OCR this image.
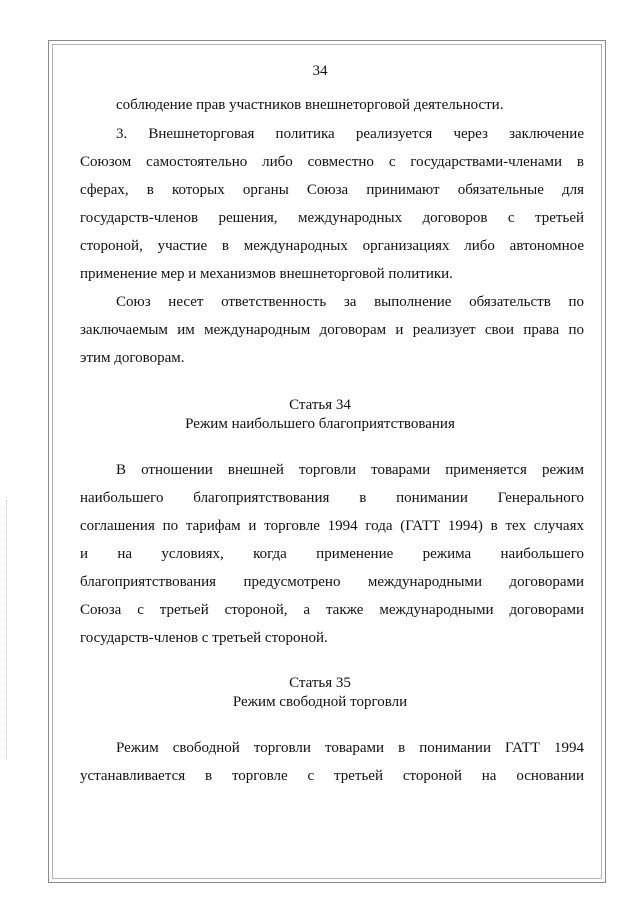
34
соблюдение прав участников внешнеторговой деятельности.
3. Внешнеторговая политика реализуется через заключение
Союзом самостоятельно либо совместно с государствами-членами в
сферах, в которых органы Союза принимают обязательные для
государств-членов решения, международных договоров с третьей
стороной, участие в международных организациях либо автономное
применение мер и механизмов внешнеторговой политики.
Союз несет ответственность за выполнение обязательств по
заключаемым им международным договорам и реализует свои права по
этим договорам.
Статья 34
Режим наибольшего благоприятствования
В отношении внешней торговли товарами применяется режим
наибольшего благоприятствования в понимании Генерального
соглашения по тарифам и торговле 1994 года (ГАТТ 1994) в тех случаях
и на условиях, когда применение режима наибольшего
благоприятствования предусмотрено международными договорами
Союза с третьей стороной, а также международными договорами
государств-членов с третьей стороной.
Статья 35
Режим свободной торговли
Режим свободной торговли товарами в понимании ГАТТ 1994
устанавливается в торговле с третьей стороной на основании
